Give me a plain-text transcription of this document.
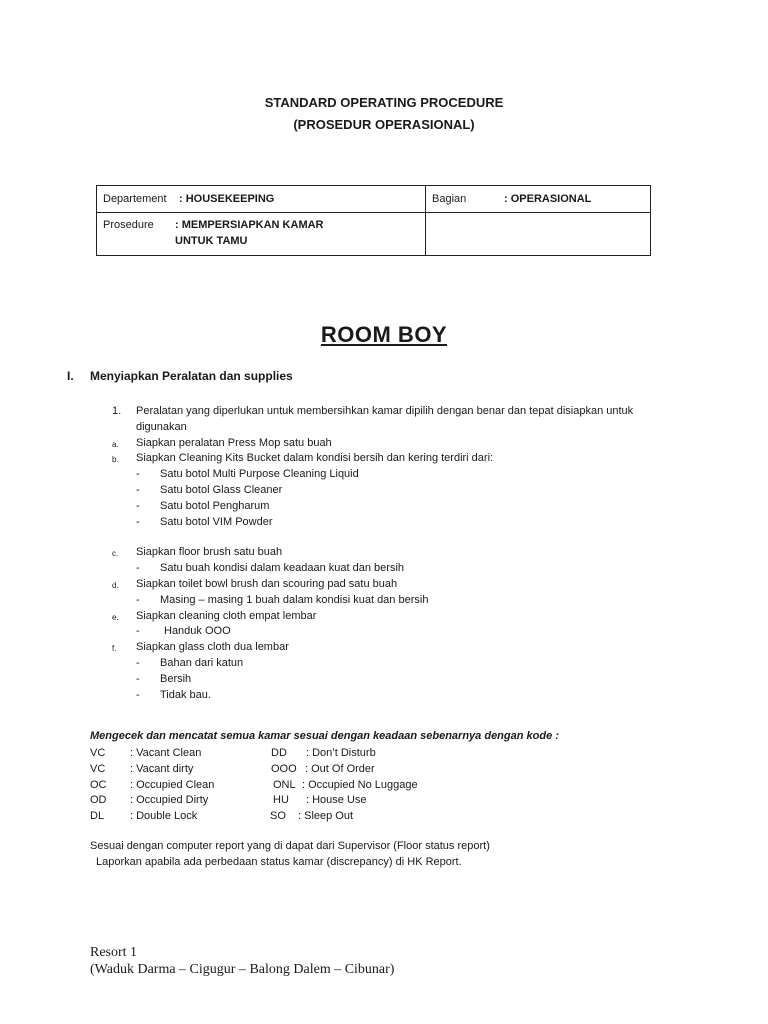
STANDARD OPERATING PROCEDURE
(PROSEDUR OPERASIONAL)
Departement : HOUSEKEEPING	Bagian : OPERASIONAL

Prosedure : MEMPERSIAPKAN KAMAR
UNTUK TAMU	

ROOM BOY
I. Menyiapkan Peralatan dan supplies
1. Peralatan yang diperlukan untuk membersihkan kamar dipilih dengan benar dan tepat disiapkan untuk
digunakan
a. Siapkan peralatan Press Mop satu buah
b. Siapkan Cleaning Kits Bucket dalam kondisi bersih dan kering terdiri dari:
- Satu botol Multi Purpose Cleaning Liquid
- Satu botol Glass Cleaner
- Satu botol Pengharum
- Satu botol VIM Powder
c. Siapkan floor brush satu buah
- Satu buah kondisi dalam keadaan kuat dan bersih
d. Siapkan toilet bowl brush dan scouring pad satu buah
- Masing – masing 1 buah dalam kondisi kuat dan bersih
e. Siapkan cleaning cloth empat lembar
- Handuk OOO
f. Siapkan glass cloth dua lembar
- Bahan dari katun
- Bersih
- Tidak bau.
Mengecek dan mencatat semua kamar sesuai dengan keadaan sebenarnya dengan kode :
VC : Vacant Clean	DD : Don’t Disturb
VC : Vacant dirty	OOO : Out Of Order
OC : Occupied Clean	ONL : Occupied No Luggage
OD : Occupied Dirty	HU : House Use
DL : Double Lock	SO : Sleep Out
Sesuai dengan computer report yang di dapat dari Supervisor (Floor status report)
Laporkan apabila ada perbedaan status kamar (discrepancy) di HK Report.
Resort 1
(Waduk Darma – Cigugur – Balong Dalem – Cibunar)
